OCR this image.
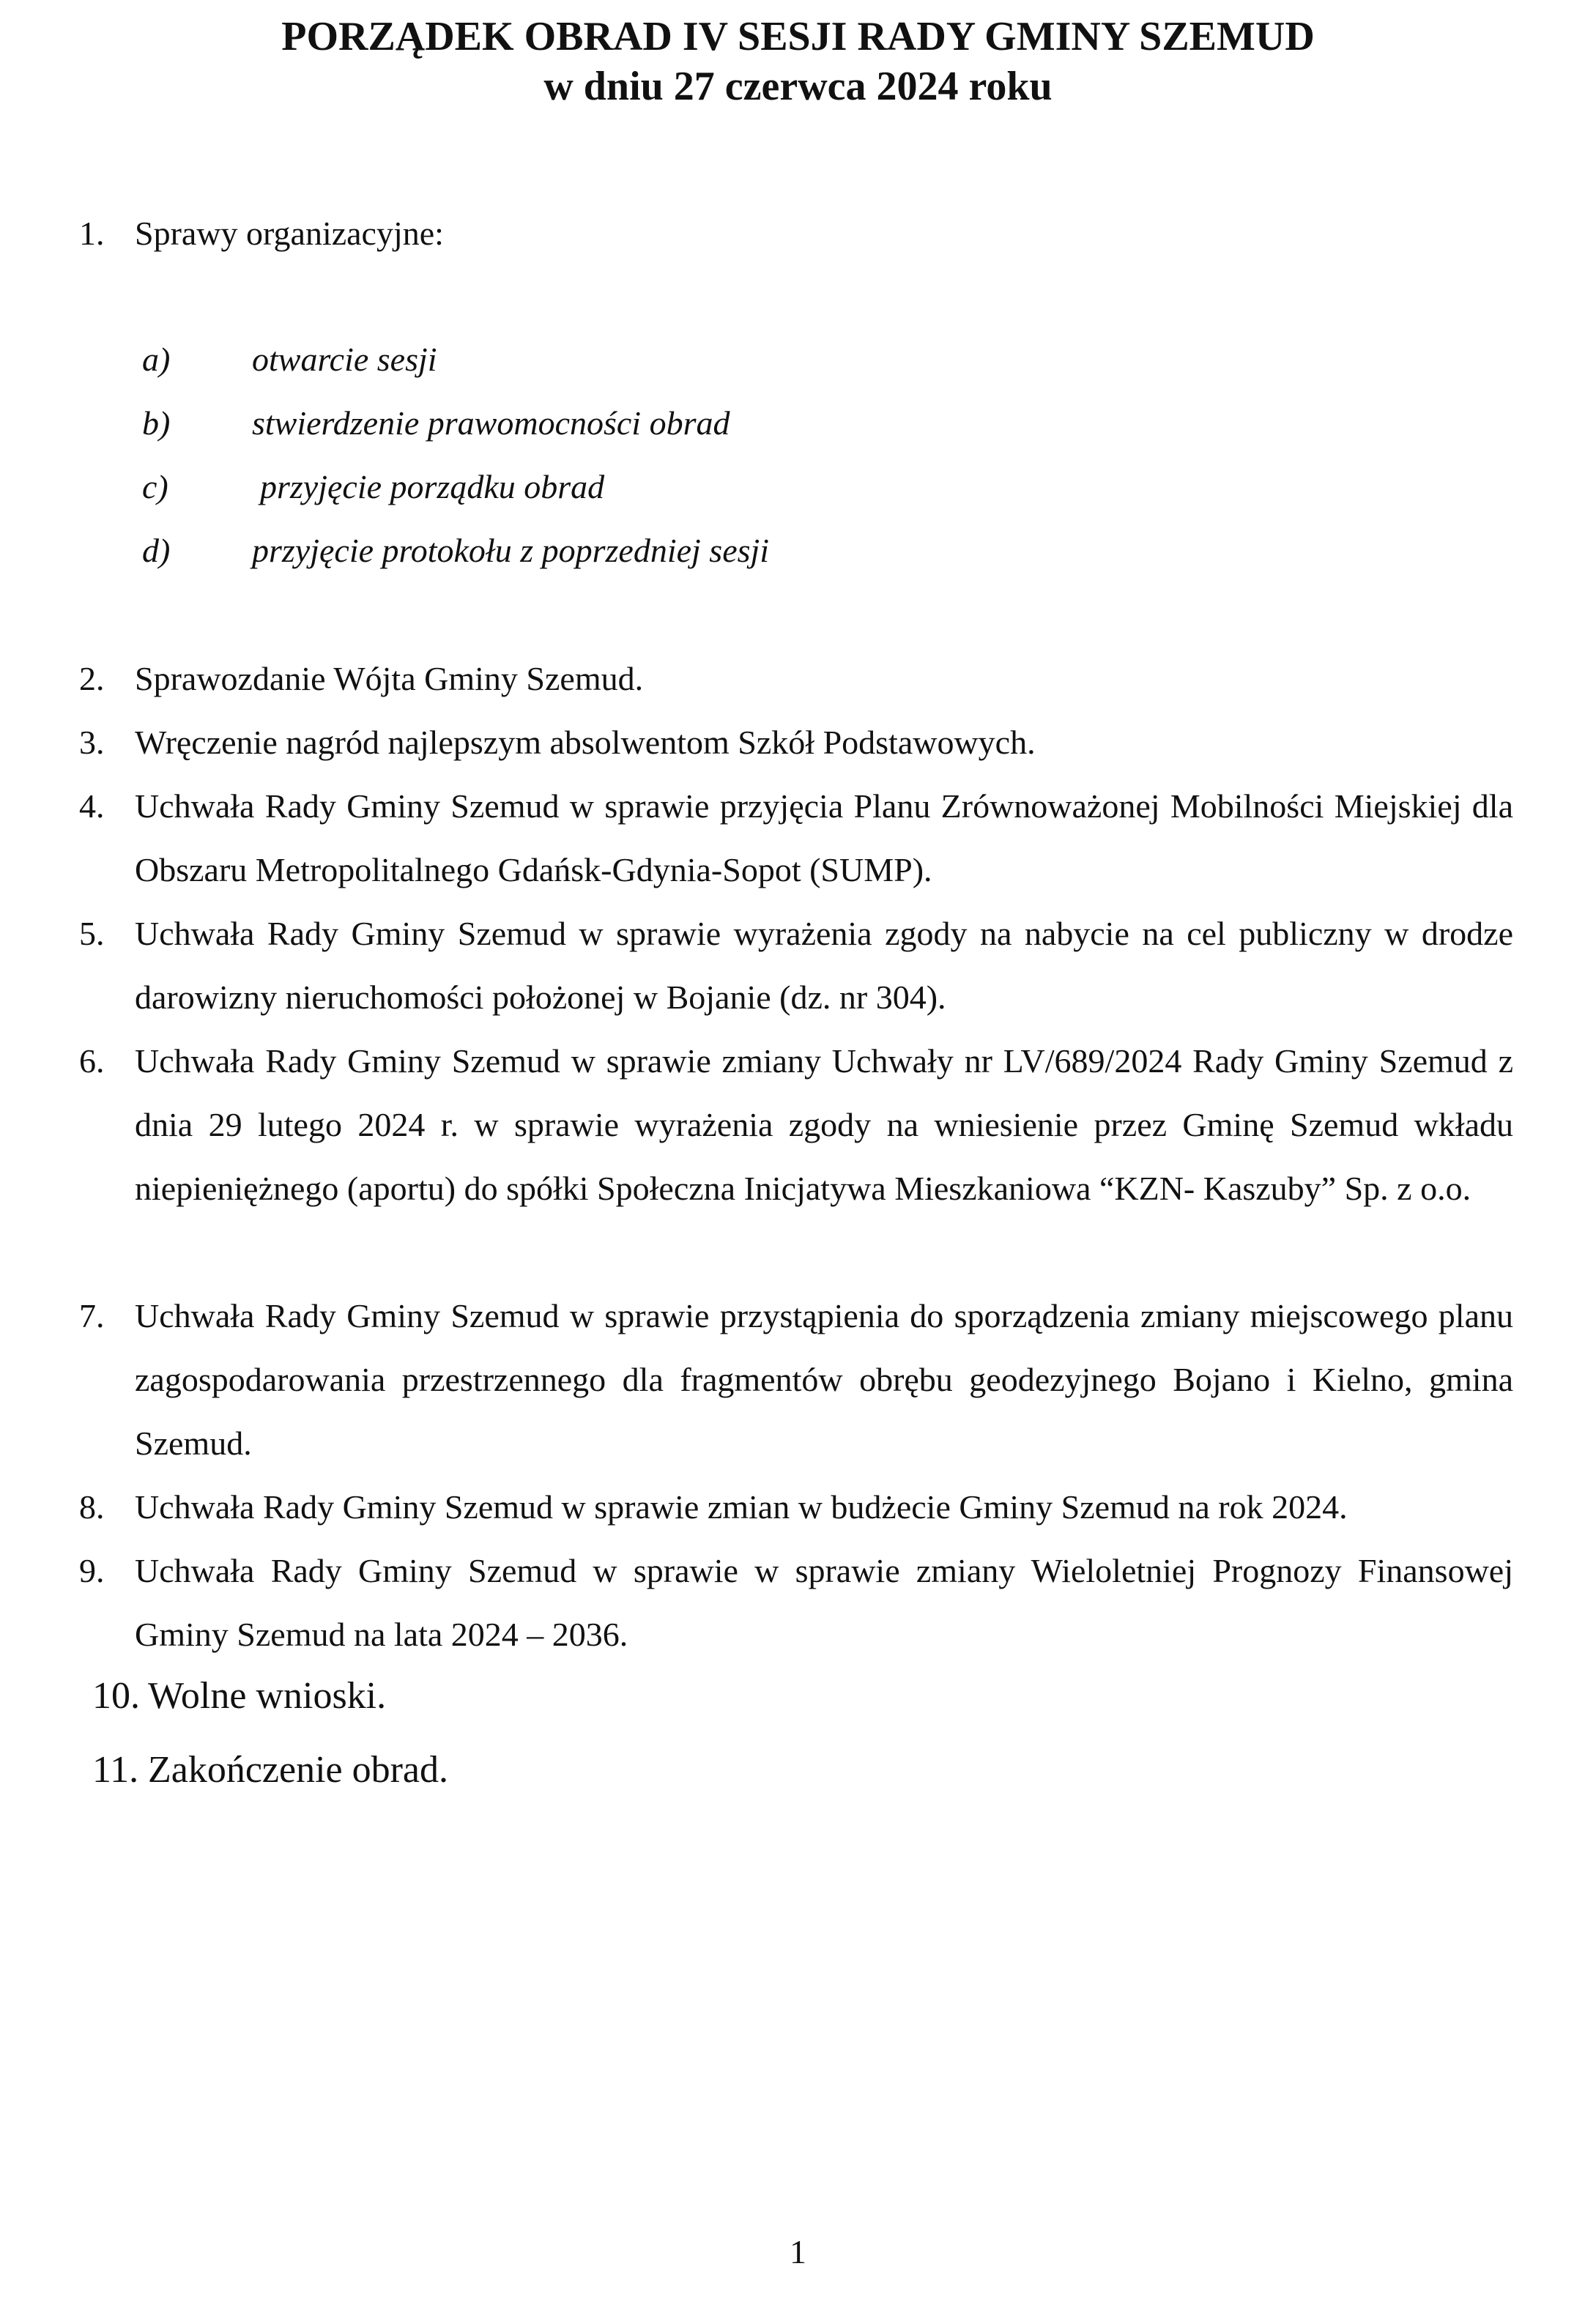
PORZĄDEK OBRAD IV SESJI RADY GMINY SZEMUD
w dniu 27 czerwca 2024 roku
1. Sprawy organizacyjne:
a) otwarcie sesji
b) stwierdzenie prawomocności obrad
c)	przyjęcie porządku obrad
d) przyjęcie protokołu z poprzedniej sesji
2. Sprawozdanie Wójta Gminy Szemud.
3. Wręczenie nagród najlepszym absolwentom Szkół Podstawowych.
4. Uchwała Rady Gminy Szemud w sprawie przyjęcia Planu Zrównoważonej Mobilności Miejskiej dla Obszaru Metropolitalnego Gdańsk-Gdynia-Sopot (SUMP).
5. Uchwała Rady Gminy Szemud w sprawie wyrażenia zgody na nabycie na cel publiczny w drodze darowizny nieruchomości położonej w Bojanie (dz. nr 304).
6. Uchwała Rady Gminy Szemud w sprawie zmiany Uchwały nr LV/689/2024 Rady Gminy Szemud z dnia 29 lutego 2024 r. w sprawie wyrażenia zgody na wniesienie przez Gminę Szemud wkładu niepieniężnego (aportu) do spółki Społeczna Inicjatywa Mieszkaniowa “KZN- Kaszuby” Sp. z o.o.
7. Uchwała Rady Gminy Szemud w sprawie przystąpienia do sporządzenia zmiany miejscowego planu zagospodarowania przestrzennego dla fragmentów obrębu geodezyjnego Bojano i Kielno, gmina Szemud.
8. Uchwała Rady Gminy Szemud w sprawie zmian w budżecie Gminy Szemud na rok 2024.
9. Uchwała Rady Gminy Szemud w sprawie w sprawie zmiany Wieloletniej Prognozy Finansowej Gminy Szemud na lata 2024 – 2036.
10. Wolne wnioski.
11. Zakończenie obrad.
1
